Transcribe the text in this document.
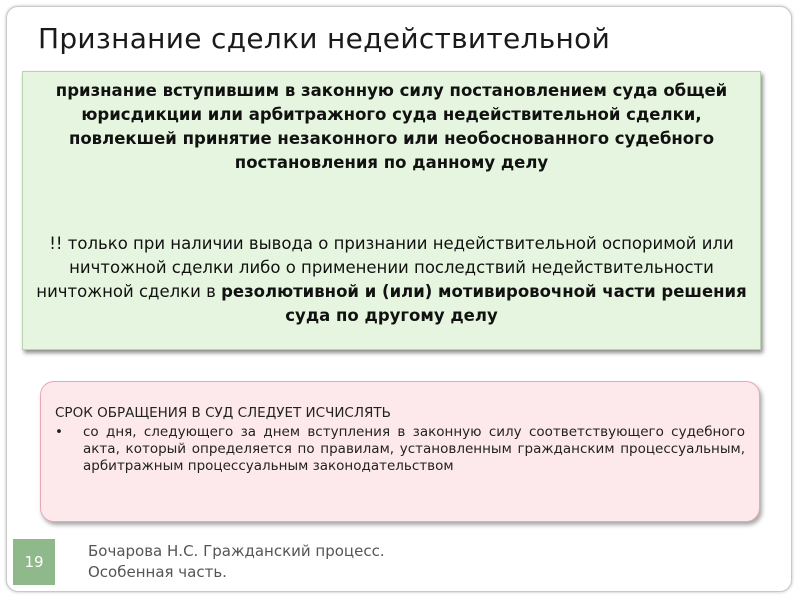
Признание сделки недействительной
признание вступившим в законную силу постановлением суда общей юрисдикции или арбитражного суда недействительной сделки, повлекшей принятие незаконного или необоснованного судебного постановления по данному делу
!! только при наличии вывода о признании недействительной оспоримой или ничтожной сделки либо о применении последствий недействительности ничтожной сделки в резолютивной и (или) мотивировочной части решения суда по другому делу
СРОК ОБРАЩЕНИЯ В СУД СЛЕДУЕТ ИСЧИСЛЯТЬ
•	со дня, следующего за днем вступления в законную силу соответствующего судебного акта, который определяется по правилам, установленным гражданским процессуальным, арбитражным процессуальным законодательством
19
Бочарова Н.С. Гражданский процесс.
Особенная часть.
